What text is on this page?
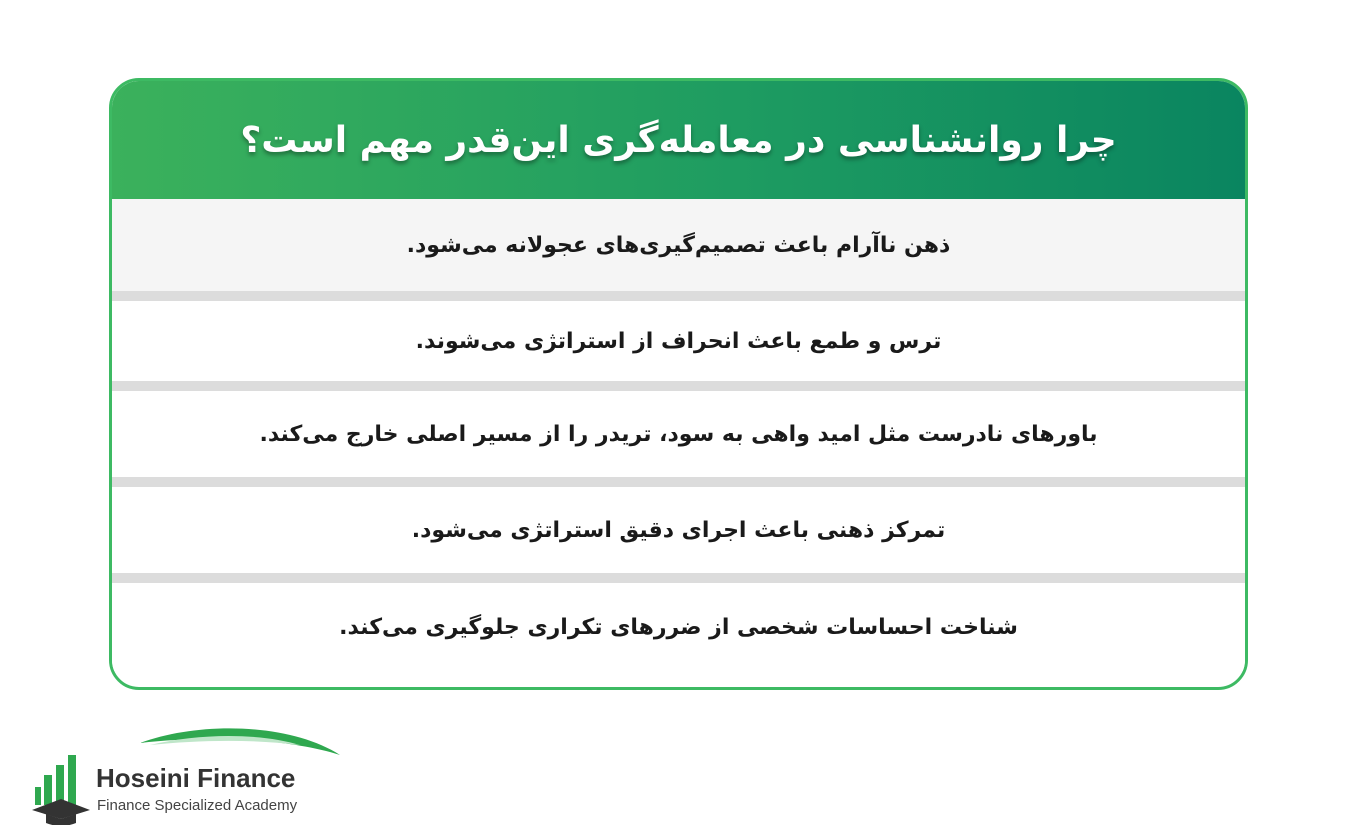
چرا روانشناسی در معامله‌گری این‌قدر مهم است؟
ذهن ناآرام باعث تصمیم‌گیری‌های عجولانه می‌شود.
ترس و طمع باعث انحراف از استراتژی می‌شوند.
باورهای نادرست مثل امید واهی به سود، تریدر را از مسیر اصلی خارج می‌کند.
تمرکز ذهنی باعث اجرای دقیق استراتژی می‌شود.
شناخت احساسات شخصی از ضررهای تکراری جلوگیری می‌کند.
Hoseini Finance
Finance Specialized Academy
